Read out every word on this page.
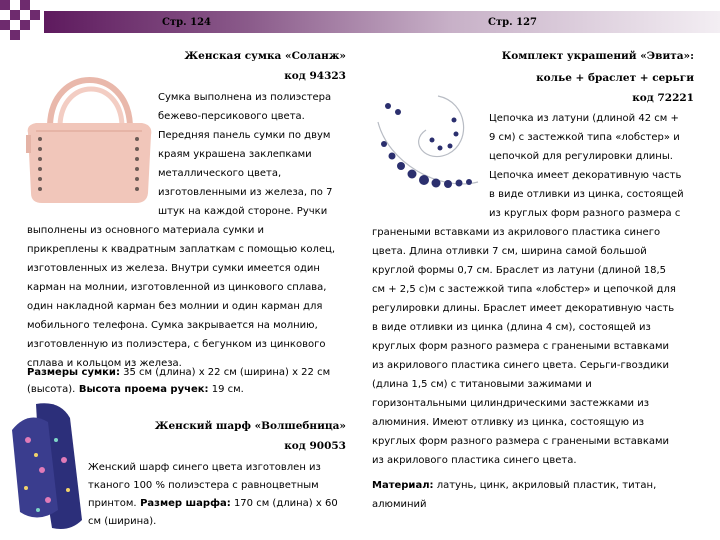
Стр. 124	Стр. 127
Женская сумка «Соланж»
код 94323
Сумка выполнена из полиэстера
бежево-персикового цвета.
Передняя панель сумки по двум
краям украшена заклепками
металлического цвета,
изготовленными из железа, по 7
штук на каждой стороне. Ручки
выполнены из основного материала сумки и
прикреплены к квадратным заплаткам с помощью колец,
изготовленных из железа. Внутри сумки имеется один
карман на молнии, изготовленной из цинкового сплава,
один накладной карман без молнии и один карман для
мобильного телефона. Сумка закрывается на молнию,
изготовленную из полиэстера, с бегунком из цинкового
сплава и кольцом из железа.

Размеры сумки: 35 см (длина) х 22 см (ширина) х 22 см (высота). Высота проема ручек: 19 см.

Женский шарф «Волшебница»
код 90053

Женский шарф синего цвета изготовлен из тканого 100 % полиэстера с равноцветным принтом. Размер шарфа: 170 см (длина) х 60 см (ширина).

Комплект украшений «Эвита»:
колье + браслет + серьги
код 72221
Цепочка из латуни (длиной 42 см +
9 см) с застежкой типа «лобстер» и
цепочкой для регулировки длины.
Цепочка имеет декоративную часть
в виде отливки из цинка, состоящей
из круглых форм разного размера с
гранеными вставками из акрилового пластика синего
цвета. Длина отливки 7 см, ширина самой большой
круглой формы 0,7 см. Браслет из латуни (длиной 18,5
см + 2,5 с)м с застежкой типа «лобстер» и цепочкой для
регулировки длины. Браслет имеет декоративную часть
в виде отливки из цинка (длина 4 см), состоящей из
круглых форм разного размера с гранеными вставками
из акрилового пластика синего цвета. Серьги-гвоздики
(длина 1,5 см) с титановыми зажимами и
горизонтальными цилиндрическими застежками из
алюминия. Имеют отливку из цинка, состоящую из
круглых форм разного размера с гранеными вставками
из акрилового пластика синего цвета.

Материал: латунь, цинк, акриловый пластик, титан, алюминий
